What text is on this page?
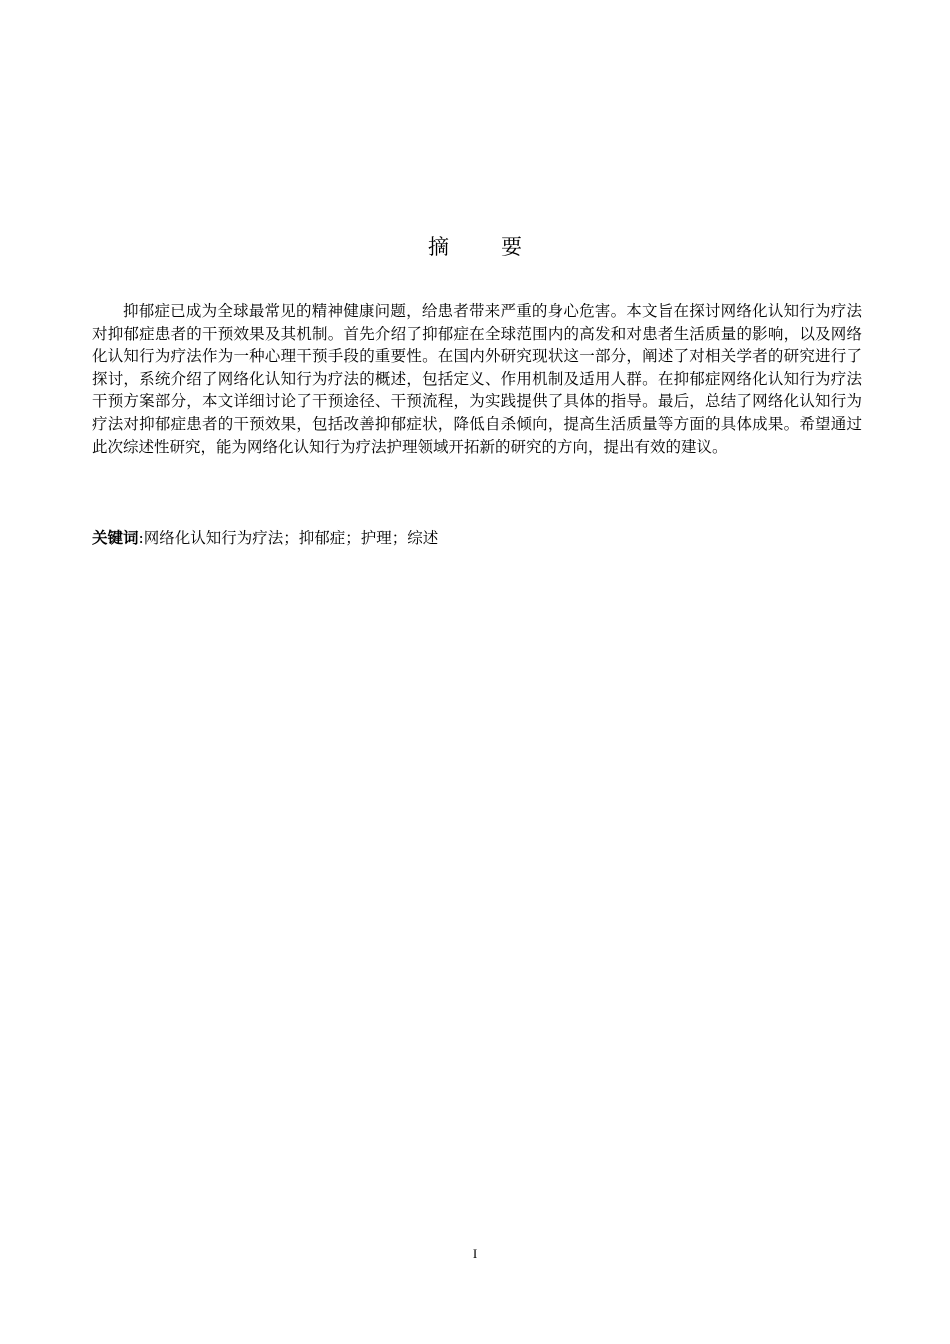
摘要
抑郁症已成为全球最常见的精神健康问题，给患者带来严重的身心危害。本文旨在探讨网络化认知行为疗法对抑郁症患者的干预效果及其机制。首先介绍了抑郁症在全球范围内的高发和对患者生活质量的影响，以及网络化认知行为疗法作为一种心理干预手段的重要性。在国内外研究现状这一部分，阐述了对相关学者的研究进行了探讨，系统介绍了网络化认知行为疗法的概述，包括定义、作用机制及适用人群。在抑郁症网络化认知行为疗法干预方案部分，本文详细讨论了干预途径、干预流程，为实践提供了具体的指导。最后，总结了网络化认知行为疗法对抑郁症患者的干预效果，包括改善抑郁症状，降低自杀倾向，提高生活质量等方面的具体成果。希望通过此次综述性研究，能为网络化认知行为疗法护理领域开拓新的研究的方向，提出有效的建议。
关键词:网络化认知行为疗法；抑郁症；护理；综述
I
